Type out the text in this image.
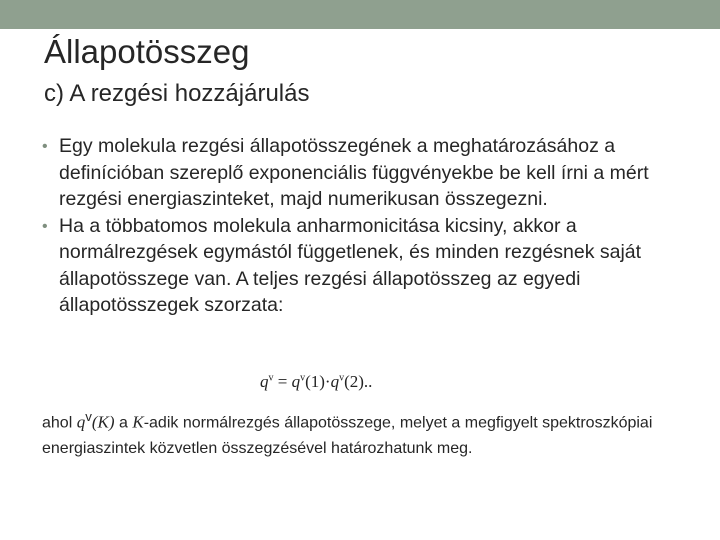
Állapotösszeg
c) A rezgési hozzájárulás
• Egy molekula rezgési állapotösszegének a meghatározásához a definícióban szereplő exponenciális függvényekbe be kell írni a mért rezgési energiaszinteket, majd numerikusan összegezni.
• Ha a többatomos molekula anharmonicitása kicsiny, akkor a normálrezgések egymástól függetlenek, és minden rezgésnek saját állapotösszege van. A teljes rezgési állapotösszeg az egyedi állapotösszegek szorzata:
$q^v = q^v(1)\cdot q^v(2)$..
ahol $q^v(K)$ a K-adik normálrezgés állapotösszege, melyet a megfigyelt spektroszkópiai energiaszintek közvetlen összegzésével határozhatunk meg.
